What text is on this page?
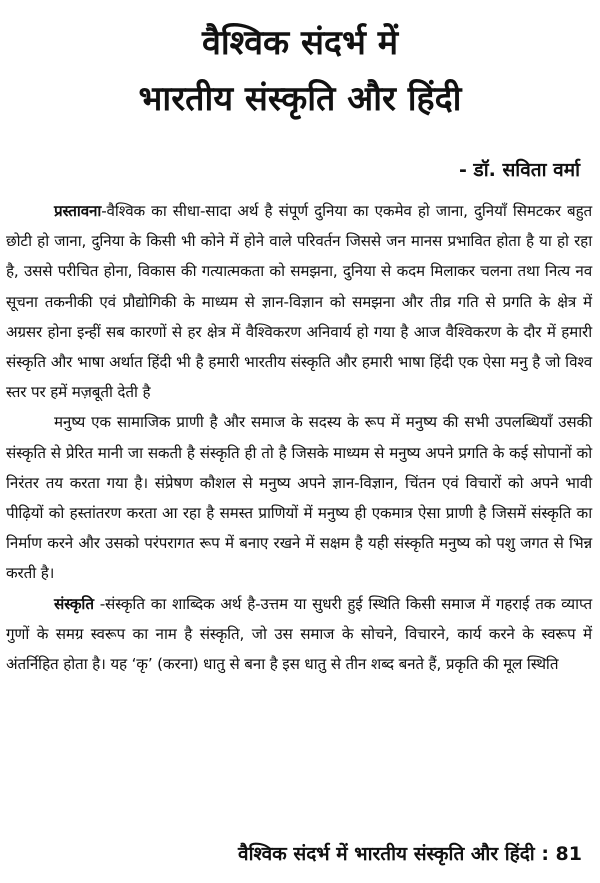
वैश्विक संदर्भ में
भारतीय संस्कृति और हिंदी
- डॉ. सविता वर्मा

प्रस्तावना-वैश्विक का सीधा-सादा अर्थ है संपूर्ण दुनिया का एकमेव हो जाना, दुनियाँ सिमटकर बहुत छोटी हो जाना, दुनिया के किसी भी कोने में होने वाले परिवर्तन जिससे जन मानस प्रभावित होता है या हो रहा है, उससे परीचित होना, विकास की गत्यात्मकता को समझना, दुनिया से कदम मिलाकर चलना तथा नित्य नव सूचना तकनीकी एवं प्रौद्योगिकी के माध्यम से ज्ञान-विज्ञान को समझना और तीव्र गति से प्रगति के क्षेत्र में अग्रसर होना इन्हीं सब कारणों से हर क्षेत्र में वैश्विकरण अनिवार्य हो गया है आज वैश्विकरण के दौर में हमारी संस्कृति और भाषा अर्थात हिंदी भी है हमारी भारतीय संस्कृति और हमारी भाषा हिंदी एक ऐसा मनु है जो विश्व स्तर पर हमें मज़बूती देती है

मनुष्य एक सामाजिक प्राणी है और समाज के सदस्य के रूप में मनुष्य की सभी उपलब्धियाँ उसकी संस्कृति से प्रेरित मानी जा सकती है संस्कृति ही तो है जिसके माध्यम से मनुष्य अपने प्रगति के कई सोपानों को निरंतर तय करता गया है। संप्रेषण कौशल से मनुष्य अपने ज्ञान-विज्ञान, चिंतन एवं विचारों को अपने भावी पीढ़ियों को हस्तांतरण करता आ रहा है समस्त प्राणियों में मनुष्य ही एकमात्र ऐसा प्राणी है जिसमें संस्कृति का निर्माण करने और उसको परंपरागत रूप में बनाए रखने में सक्षम है यही संस्कृति मनुष्य को पशु जगत से भिन्न करती है।

संस्कृति -संस्कृति का शाब्दिक अर्थ है-उत्तम या सुधरी हुई स्थिति किसी समाज में गहराई तक व्याप्त गुणों के समग्र स्वरूप का नाम है संस्कृति, जो उस समाज के सोचने, विचारने, कार्य करने के स्वरूप में अंतर्निहित होता है। यह ‘कृ’ (करना) धातु से बना है इस धातु से तीन शब्द बनते हैं, प्रकृति की मूल स्थिति

वैश्विक संदर्भ में भारतीय संस्कृति और हिंदी : 81
